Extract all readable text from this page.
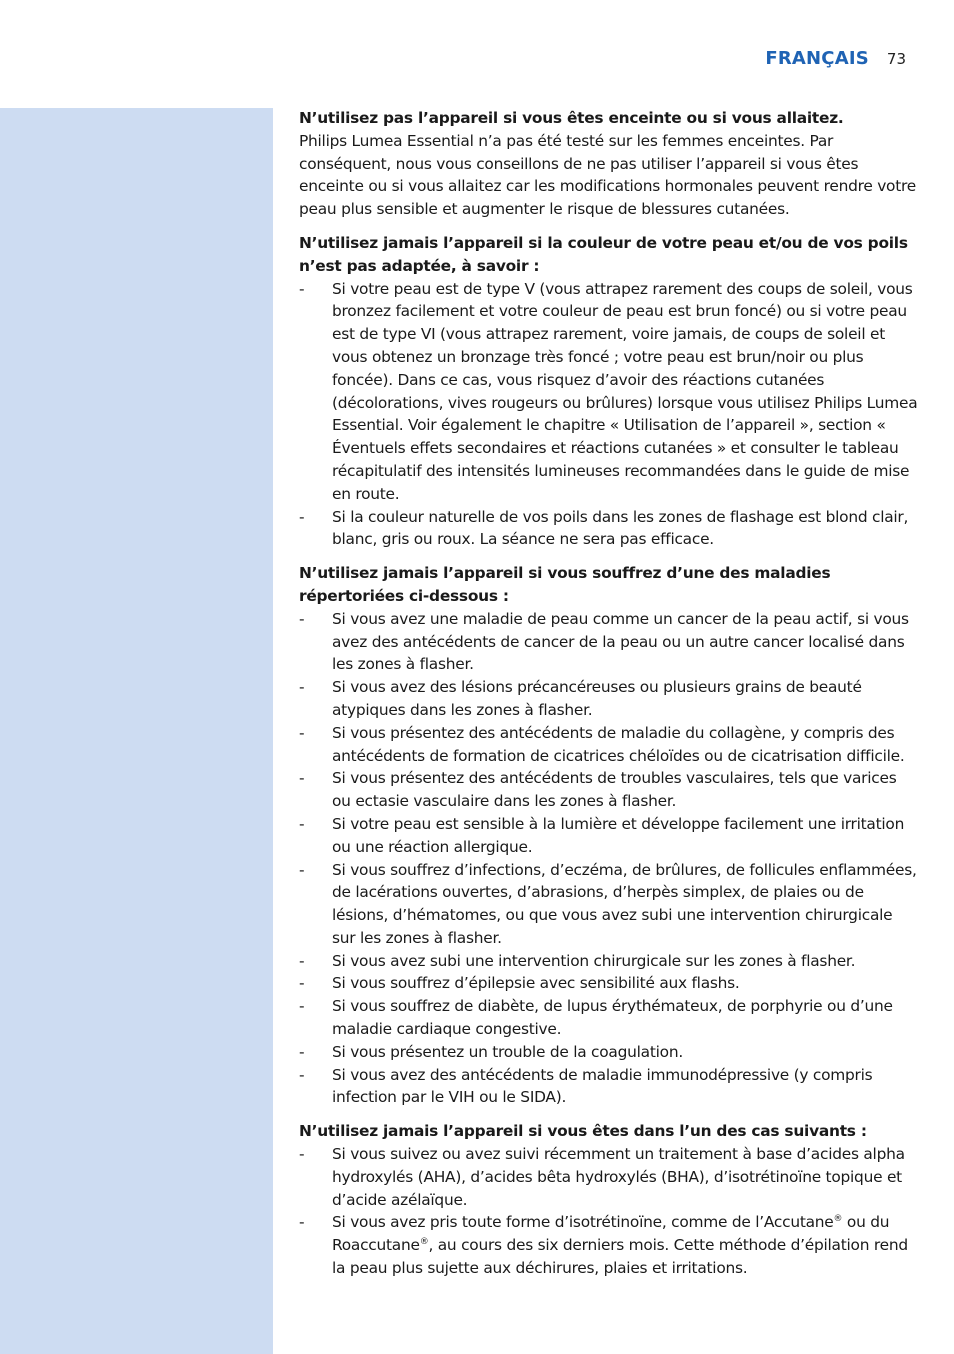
FRANÇAIS 73

N’utilisez pas l’appareil si vous êtes enceinte ou si vous allaitez.

Philips Lumea Essential n’a pas été testé sur les femmes enceintes. Par conséquent, nous vous conseillons de ne pas utiliser l’appareil si vous êtes enceinte ou si vous allaitez car les modifications hormonales peuvent rendre votre peau plus sensible et augmenter le risque de blessures cutanées.

N’utilisez jamais l’appareil si la couleur de votre peau et/ou de vos poils n’est pas adaptée, à savoir :

- Si votre peau est de type V (vous attrapez rarement des coups de soleil, vous bronzez facilement et votre couleur de peau est brun foncé) ou si votre peau est de type VI (vous attrapez rarement, voire jamais, de coups de soleil et vous obtenez un bronzage très foncé ; votre peau est brun/noir ou plus foncée). Dans ce cas, vous risquez d’avoir des réactions cutanées (décolorations, vives rougeurs ou brûlures) lorsque vous utilisez Philips Lumea Essential. Voir également le chapitre « Utilisation de l’appareil », section « Éventuels effets secondaires et réactions cutanées » et consulter le tableau récapitulatif des intensités lumineuses recommandées dans le guide de mise en route.
- Si la couleur naturelle de vos poils dans les zones de flashage est blond clair, blanc, gris ou roux. La séance ne sera pas efficace.

N’utilisez jamais l’appareil si vous souffrez d’une des maladies répertoriées ci-dessous :

- Si vous avez une maladie de peau comme un cancer de la peau actif, si vous avez des antécédents de cancer de la peau ou un autre cancer localisé dans les zones à flasher.
- Si vous avez des lésions précancéreuses ou plusieurs grains de beauté atypiques dans les zones à flasher.
- Si vous présentez des antécédents de maladie du collagène, y compris des antécédents de formation de cicatrices chéloïdes ou de cicatrisation difficile.
- Si vous présentez des antécédents de troubles vasculaires, tels que varices ou ectasie vasculaire dans les zones à flasher.
- Si votre peau est sensible à la lumière et développe facilement une irritation ou une réaction allergique.
- Si vous souffrez d’infections, d’eczéma, de brûlures, de follicules enflammées, de lacérations ouvertes, d’abrasions, d’herpès simplex, de plaies ou de lésions, d’hématomes, ou que vous avez subi une intervention chirurgicale sur les zones à flasher.
- Si vous avez subi une intervention chirurgicale sur les zones à flasher.
- Si vous souffrez d’épilepsie avec sensibilité aux flashs.
- Si vous souffrez de diabète, de lupus érythémateux, de porphyrie ou d’une maladie cardiaque congestive.
- Si vous présentez un trouble de la coagulation.
- Si vous avez des antécédents de maladie immunodépressive (y compris infection par le VIH ou le SIDA).

N’utilisez jamais l’appareil si vous êtes dans l’un des cas suivants :

- Si vous suivez ou avez suivi récemment un traitement à base d’acides alpha hydroxylés (AHA), d’acides bêta hydroxylés (BHA), d’isotrétinoïne topique et d’acide azélaïque.
- Si vous avez pris toute forme d’isotrétinoïne, comme de l’Accutane® ou du Roaccutane®, au cours des six derniers mois. Cette méthode d’épilation rend la peau plus sujette aux déchirures, plaies et irritations.
